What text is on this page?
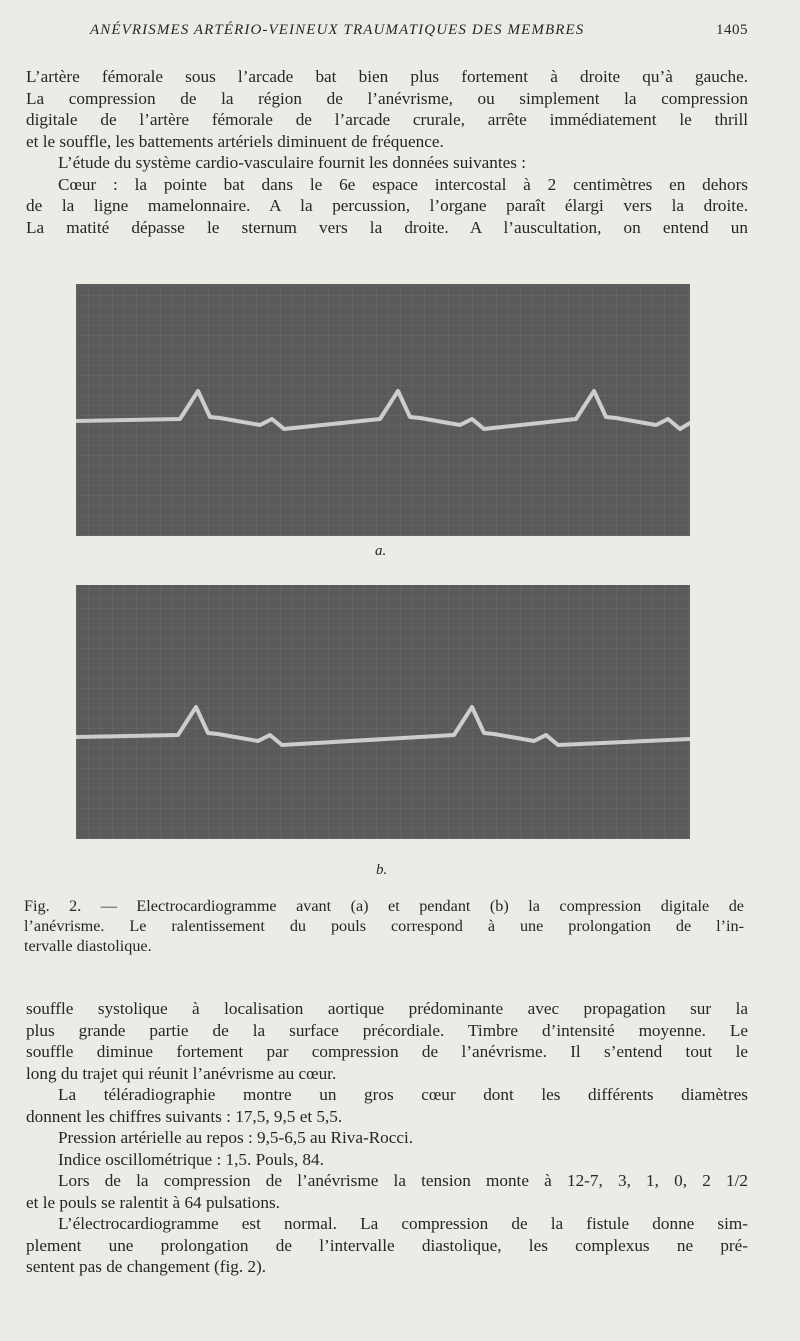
ANÉVRISMES ARTÉRIO-VEINEUX TRAUMATIQUES DES MEMBRES	1405
L’artère fémorale sous l’arcade bat bien plus fortement à droite qu’à gauche.
La compression de la région de l’anévrisme, ou simplement la compression
digitale de l’artère fémorale de l’arcade crurale, arrête immédiatement le thrill
et le souffle, les battements artériels diminuent de fréquence.
L’étude du système cardio-vasculaire fournit les données suivantes :
Cœur : la pointe bat dans le 6e espace intercostal à 2 centimètres en dehors
de la ligne mamelonnaire. A la percussion, l’organe paraît élargi vers la droite.
La matité dépasse le sternum vers la droite. A l’auscultation, on entend un
a.
b.
Fig. 2. — Electrocardiogramme avant (a) et pendant (b) la compression digitale de
l’anévrisme. Le ralentissement du pouls correspond à une prolongation de l’in-
tervalle diastolique.
souffle systolique à localisation aortique prédominante avec propagation sur la
plus grande partie de la surface précordiale. Timbre d’intensité moyenne. Le
souffle diminue fortement par compression de l’anévrisme. Il s’entend tout le
long du trajet qui réunit l’anévrisme au cœur.
La téléradiographie montre un gros cœur dont les différents diamètres
donnent les chiffres suivants : 17,5, 9,5 et 5,5.
Pression artérielle au repos : 9,5-6,5 au Riva-Rocci.
Indice oscillométrique : 1,5. Pouls, 84.
Lors de la compression de l’anévrisme la tension monte à 12-7, 3, 1, 0, 2 1/2
et le pouls se ralentit à 64 pulsations.
L’électrocardiogramme est normal. La compression de la fistule donne sim-
plement une prolongation de l’intervalle diastolique, les complexus ne pré-
sentent pas de changement (fig. 2).
